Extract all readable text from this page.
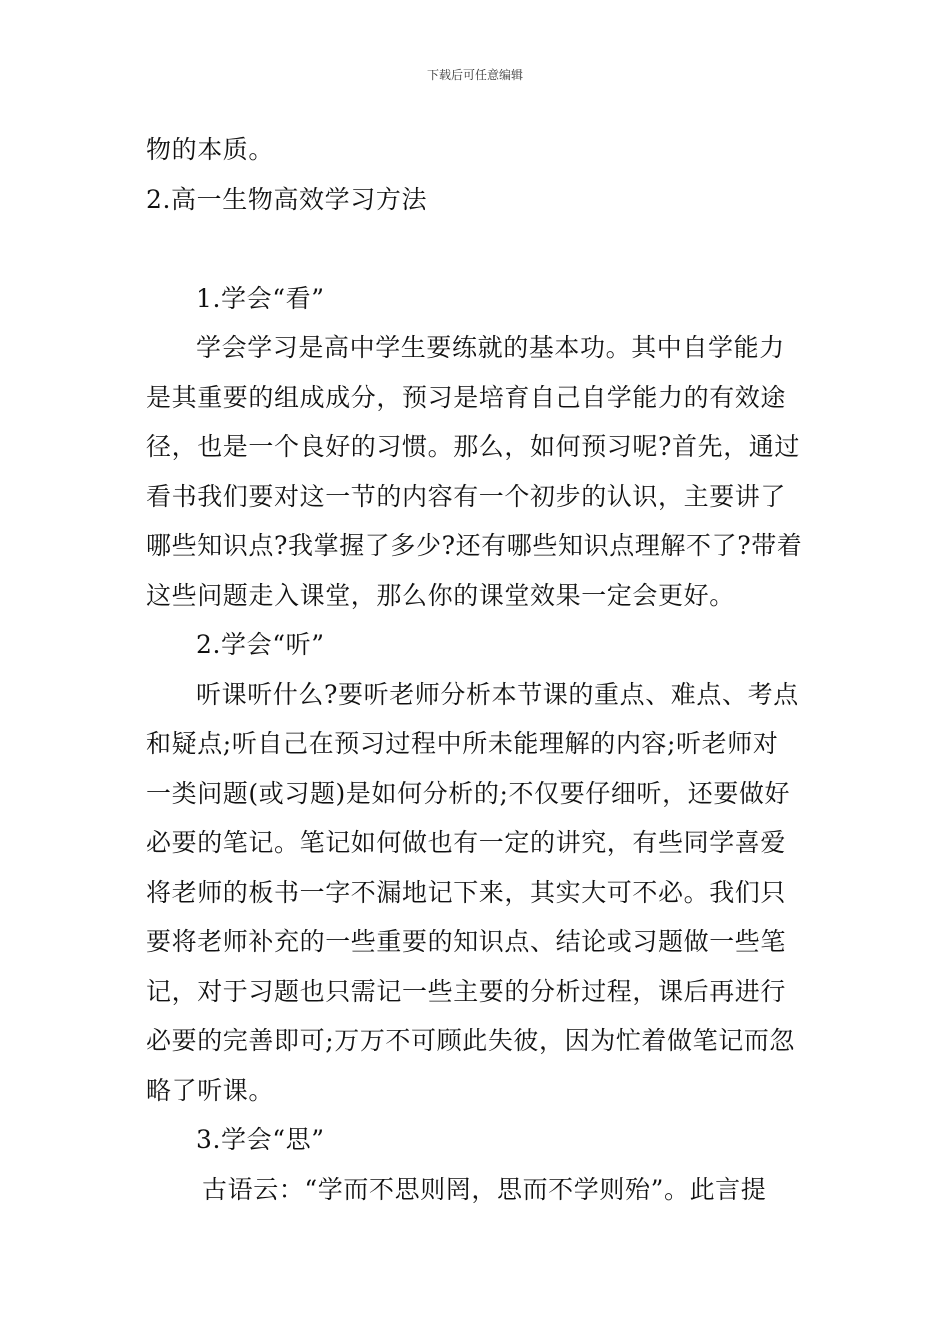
下载后可任意编辑
物的本质。
2.高一生物高效学习方法
1.学会“看”
学会学习是高中学生要练就的基本功。其中自学能力
是其重要的组成成分，预习是培育自己自学能力的有效途
径，也是一个良好的习惯。那么，如何预习呢?首先，通过
看书我们要对这一节的内容有一个初步的认识，主要讲了
哪些知识点?我掌握了多少?还有哪些知识点理解不了?带着
这些问题走入课堂，那么你的课堂效果一定会更好。
2.学会“听”
听课听什么?要听老师分析本节课的重点、难点、考点
和疑点;听自己在预习过程中所未能理解的内容;听老师对
一类问题(或习题)是如何分析的;不仅要仔细听，还要做好
必要的笔记。笔记如何做也有一定的讲究，有些同学喜爱
将老师的板书一字不漏地记下来，其实大可不必。我们只
要将老师补充的一些重要的知识点、结论或习题做一些笔
记，对于习题也只需记一些主要的分析过程，课后再进行
必要的完善即可;万万不可顾此失彼，因为忙着做笔记而忽
略了听课。
3.学会“思”
古语云：“学而不思则罔，思而不学则殆”。此言提
